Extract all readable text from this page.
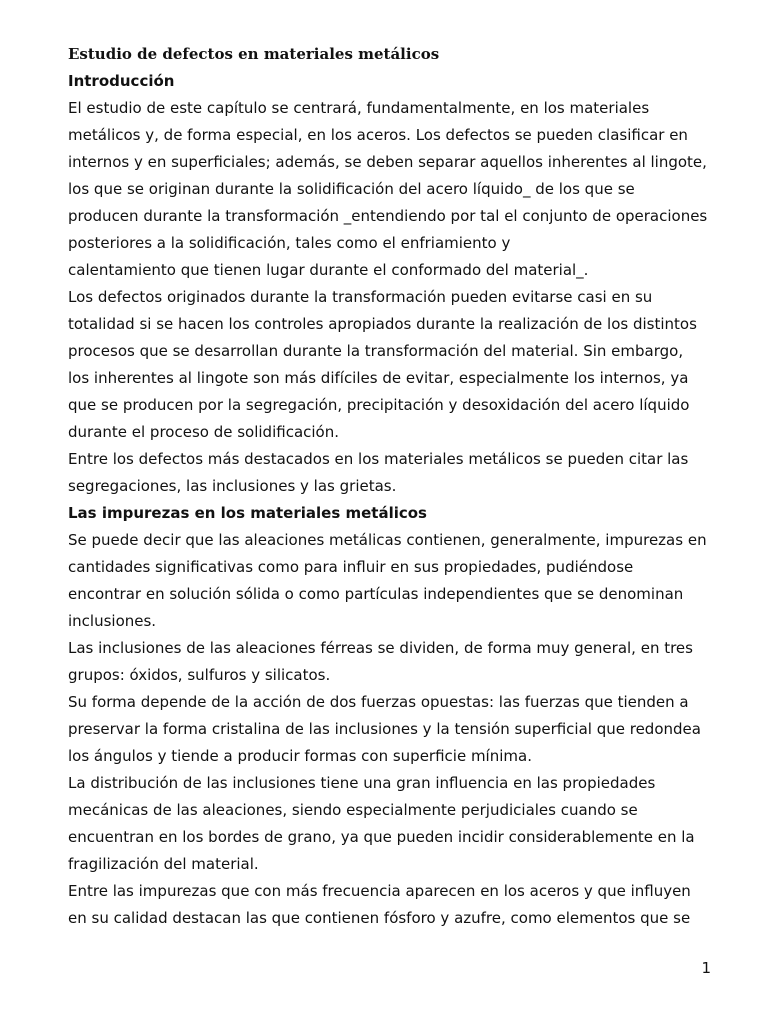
Estudio de defectos en materiales metálicos
Introducción
El estudio de este capítulo se centrará, fundamentalmente, en los materiales
metálicos y, de forma especial, en los aceros. Los defectos se pueden clasificar en
internos y en superficiales; además, se deben separar aquellos inherentes al lingote,
los que se originan durante la solidificación del acero líquido_ de los que se
producen durante la transformación _entendiendo por tal el conjunto de operaciones
posteriores a la solidificación, tales como el enfriamiento y
calentamiento que tienen lugar durante el conformado del material_.
Los defectos originados durante la transformación pueden evitarse casi en su
totalidad si se hacen los controles apropiados durante la realización de los distintos
procesos que se desarrollan durante la transformación del material. Sin embargo,
los inherentes al lingote son más difíciles de evitar, especialmente los internos, ya
que se producen por la segregación, precipitación y desoxidación del acero líquido
durante el proceso de solidificación.
Entre los defectos más destacados en los materiales metálicos se pueden citar las
segregaciones, las inclusiones y las grietas.
Las impurezas en los materiales metálicos
Se puede decir que las aleaciones metálicas contienen, generalmente, impurezas en
cantidades significativas como para influir en sus propiedades, pudiéndose
encontrar en solución sólida o como partículas independientes que se denominan
inclusiones.
Las inclusiones de las aleaciones férreas se dividen, de forma muy general, en tres
grupos: óxidos, sulfuros y silicatos.
Su forma depende de la acción de dos fuerzas opuestas: las fuerzas que tienden a
preservar la forma cristalina de las inclusiones y la tensión superficial que redondea
los ángulos y tiende a producir formas con superficie mínima.
La distribución de las inclusiones tiene una gran influencia en las propiedades
mecánicas de las aleaciones, siendo especialmente perjudiciales cuando se
encuentran en los bordes de grano, ya que pueden incidir considerablemente en la
fragilización del material.
Entre las impurezas que con más frecuencia aparecen en los aceros y que influyen
en su calidad destacan las que contienen fósforo y azufre, como elementos que se
1
